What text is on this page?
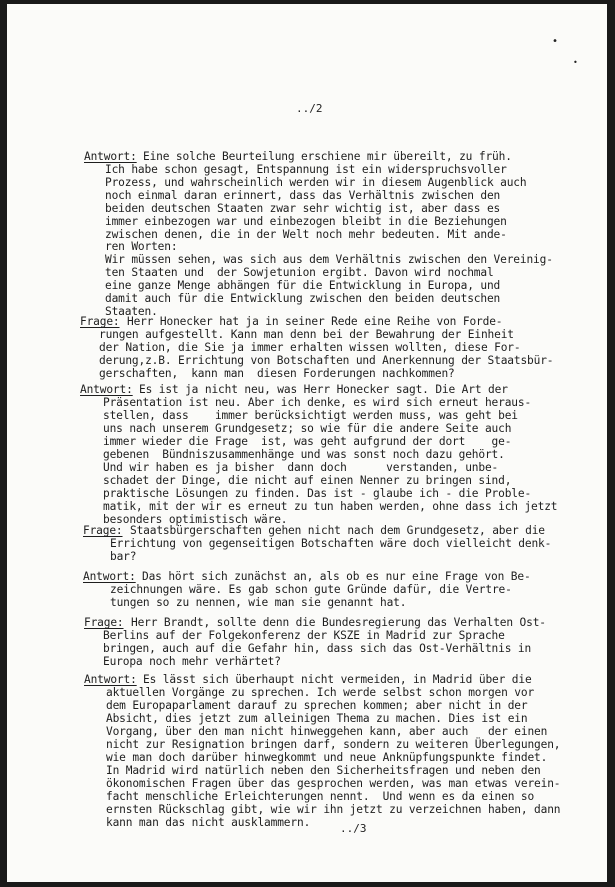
•
•
../2
Antwort: Eine solche Beurteilung erschiene mir übereilt, zu früh.
Ich habe schon gesagt, Entspannung ist ein widerspruchsvoller
Prozess, und wahrscheinlich werden wir in diesem Augenblick auch
noch einmal daran erinnert, dass das Verhältnis zwischen den
beiden deutschen Staaten zwar sehr wichtig ist, aber dass es
immer einbezogen war und einbezogen bleibt in die Beziehungen
zwischen denen, die in der Welt noch mehr bedeuten. Mit ande-
ren Worten:
Wir müssen sehen, was sich aus dem Verhältnis zwischen den Vereinig-
ten Staaten und  der Sowjetunion ergibt. Davon wird nochmal
eine ganze Menge abhängen für die Entwicklung in Europa, und
damit auch für die Entwicklung zwischen den beiden deutschen
Staaten.
Frage: Herr Honecker hat ja in seiner Rede eine Reihe von Forde-
rungen aufgestellt. Kann man denn bei der Bewahrung der Einheit
der Nation, die Sie ja immer erhalten wissen wollten, diese For-
derung,z.B. Errichtung von Botschaften und Anerkennung der Staatsbür-
gerschaften,  kann man  diesen Forderungen nachkommen?
Antwort: Es ist ja nicht neu, was Herr Honecker sagt. Die Art der
Präsentation ist neu. Aber ich denke, es wird sich erneut heraus-
stellen, dass    immer berücksichtigt werden muss, was geht bei
uns nach unserem Grundgesetz; so wie für die andere Seite auch
immer wieder die Frage  ist, was geht aufgrund der dort    ge-
gebenen  Bündniszusammenhänge und was sonst noch dazu gehört.
Und wir haben es ja bisher  dann doch      verstanden, unbe-
schadet der Dinge, die nicht auf einen Nenner zu bringen sind,
praktische Lösungen zu finden. Das ist - glaube ich - die Proble-
matik, mit der wir es erneut zu tun haben werden, ohne dass ich jetzt
besonders optimistisch wäre.
Frage: Staatsbürgerschaften gehen nicht nach dem Grundgesetz, aber die
Errichtung von gegenseitigen Botschaften wäre doch vielleicht denk-
bar?
Antwort: Das hört sich zunächst an, als ob es nur eine Frage von Be-
zeichnungen wäre. Es gab schon gute Gründe dafür, die Vertre-
tungen so zu nennen, wie man sie genannt hat.
Frage: Herr Brandt, sollte denn die Bundesregierung das Verhalten Ost-
Berlins auf der Folgekonferenz der KSZE in Madrid zur Sprache
bringen, auch auf die Gefahr hin, dass sich das Ost-Verhältnis in
Europa noch mehr verhärtet?
Antwort: Es lässt sich überhaupt nicht vermeiden, in Madrid über die
aktuellen Vorgänge zu sprechen. Ich werde selbst schon morgen vor
dem Europaparlament darauf zu sprechen kommen; aber nicht in der
Absicht, dies jetzt zum alleinigen Thema zu machen. Dies ist ein
Vorgang, über den man nicht hinweggehen kann, aber auch   der einen
nicht zur Resignation bringen darf, sondern zu weiteren Überlegungen,
wie man doch darüber hinwegkommt und neue Anknüpfungspunkte findet.
In Madrid wird natürlich neben den Sicherheitsfragen und neben den
ökonomischen Fragen über das gesprochen werden, was man etwas verein-
facht menschliche Erleichterungen nennt.  Und wenn es da einen so
ernsten Rückschlag gibt, wie wir ihn jetzt zu verzeichnen haben, dann
kann man das nicht ausklammern.	../3
